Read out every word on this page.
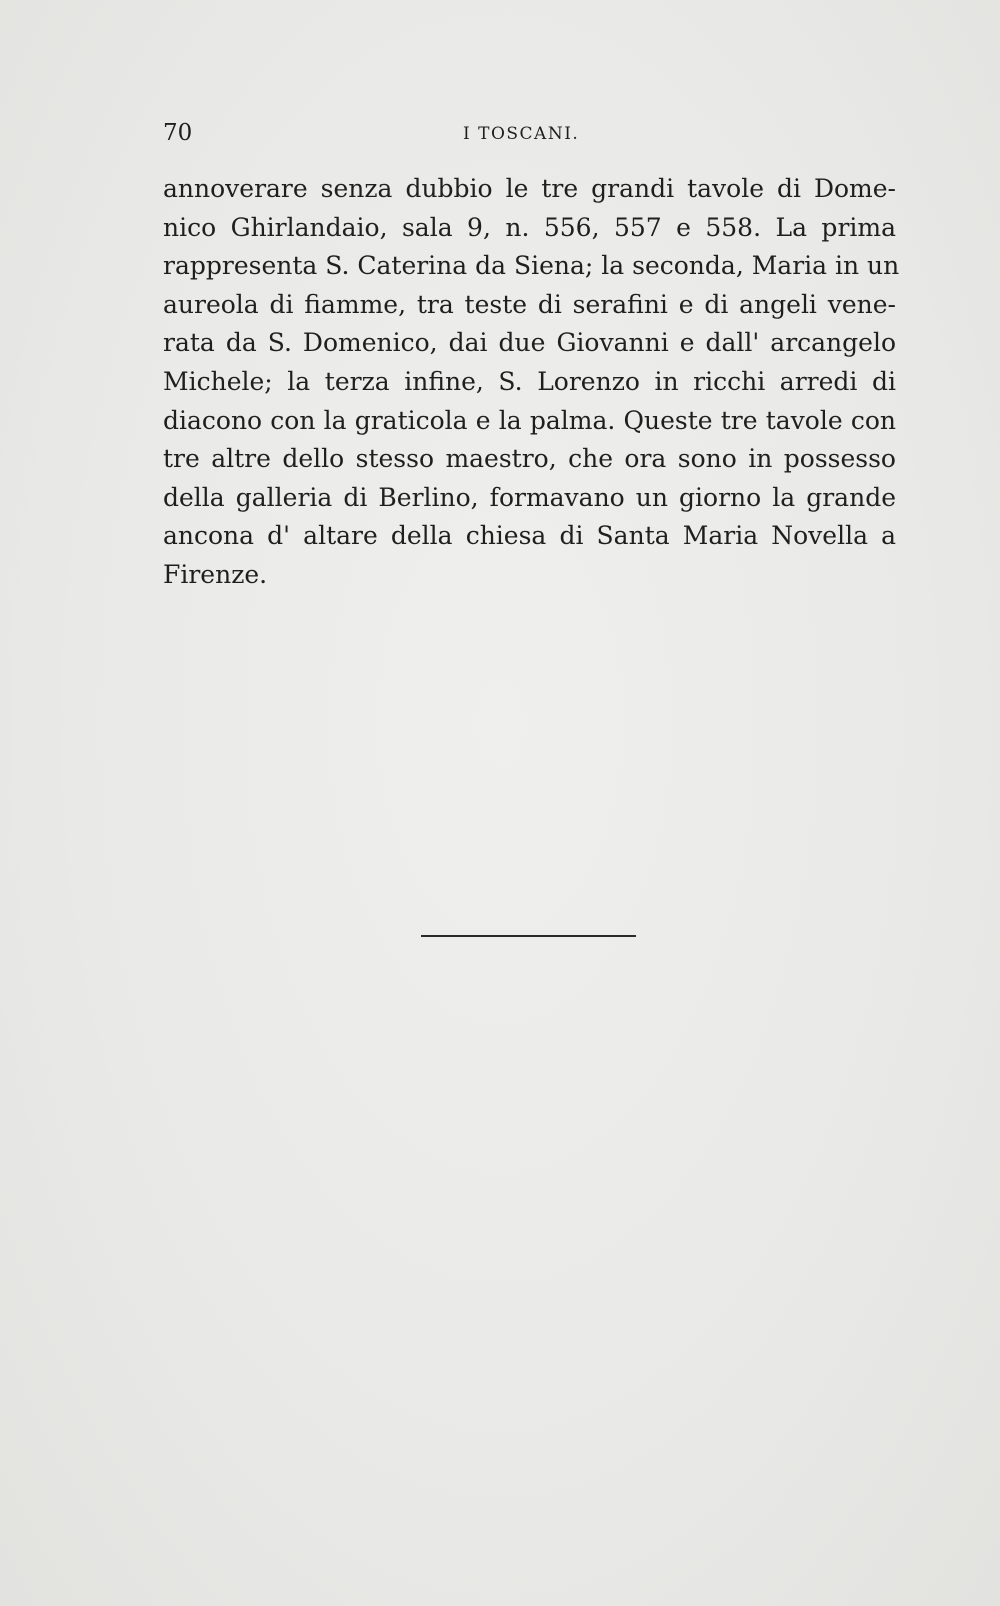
70	I TOSCANI.
annoverare senza dubbio le tre grandi tavole di Dome-
nico Ghirlandaio, sala 9, n. 556, 557 e 558. La prima
rappresenta S. Caterina da Siena; la seconda, Maria in un
aureola di fiamme, tra teste di serafini e di angeli vene-
rata da S. Domenico, dai due Giovanni e dall' arcangelo
Michele; la terza infine, S. Lorenzo in ricchi arredi di
diacono con la graticola e la palma. Queste tre tavole con
tre altre dello stesso maestro, che ora sono in possesso
della galleria di Berlino, formavano un giorno la grande
ancona d' altare della chiesa di Santa Maria Novella a
Firenze.
